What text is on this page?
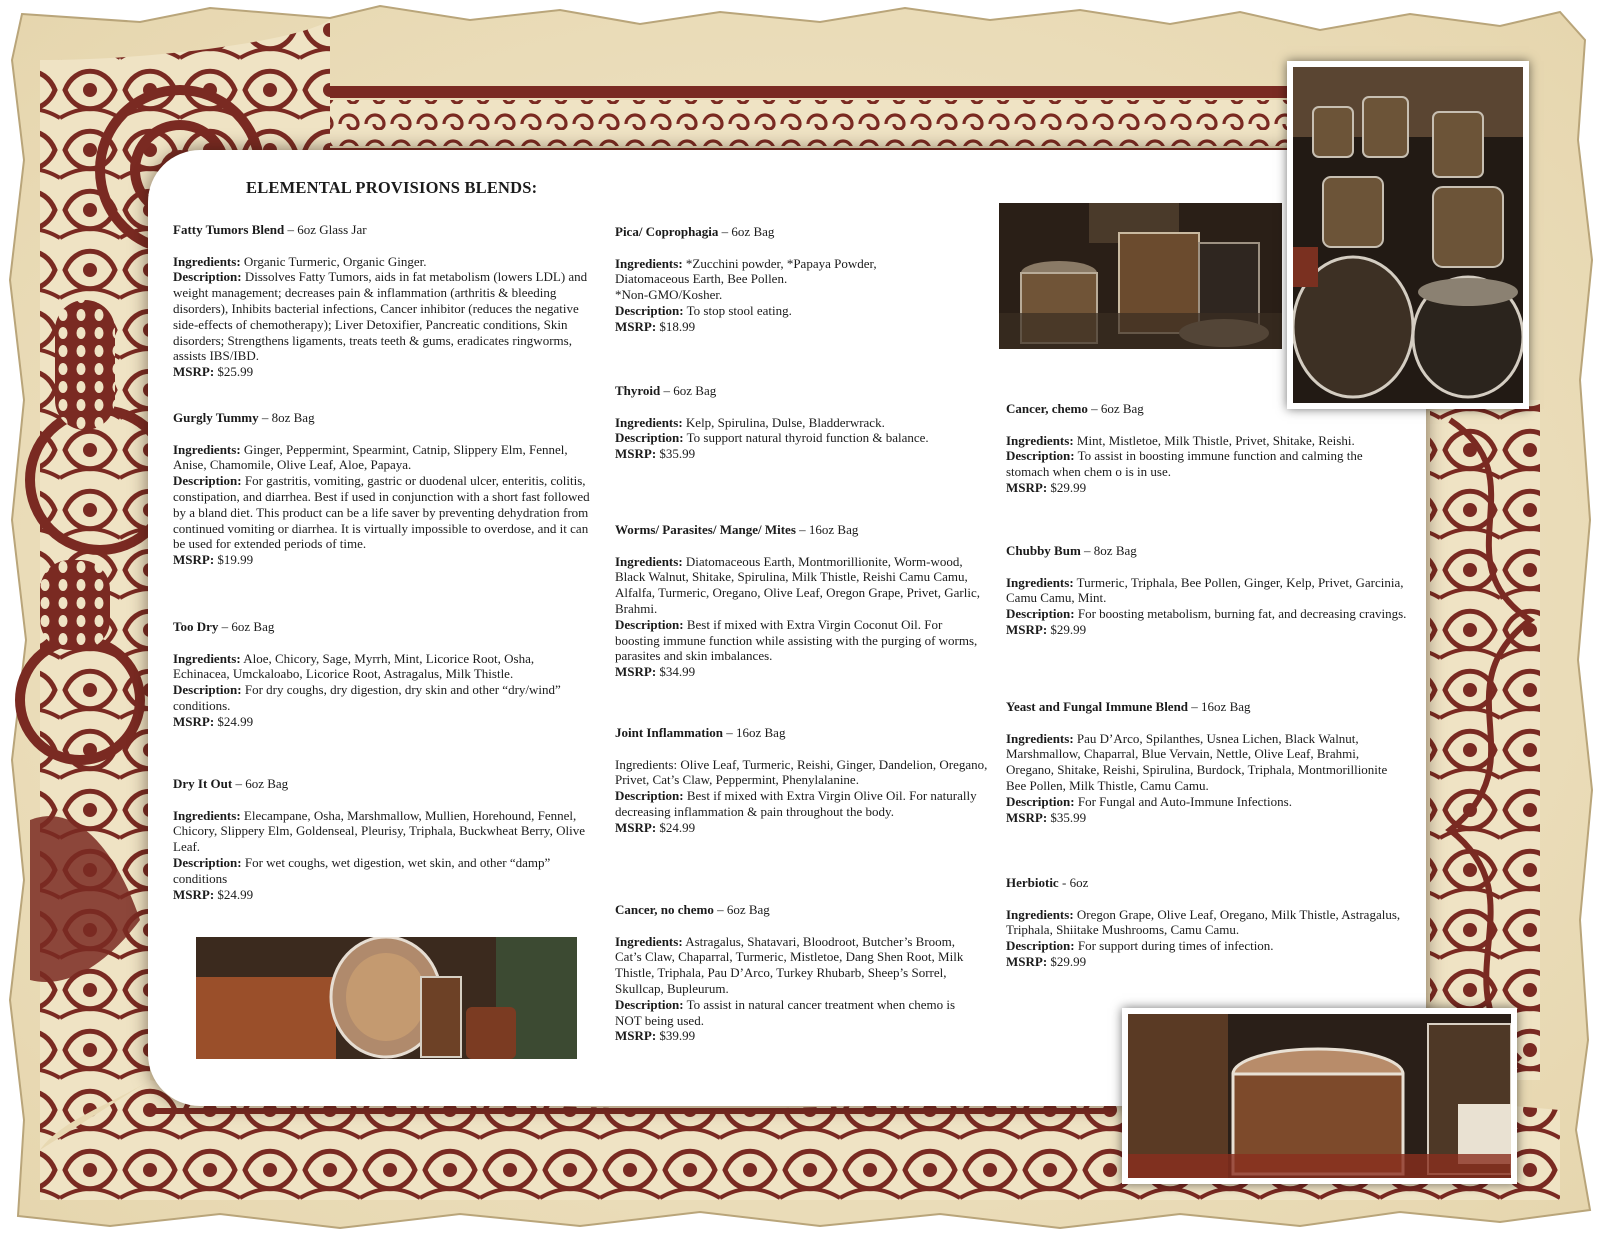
ELEMENTAL PROVISIONS BLENDS:
Fatty Tumors Blend – 6oz Glass Jar

Ingredients: Organic Turmeric, Organic Ginger.

Description: Dissolves Fatty Tumors, aids in fat metabolism (lowers LDL) and weight management; decreases pain & inflammation (arthritis & bleeding disorders), Inhibits bacterial infections, Cancer inhibitor (reduces the negative side-effects of chemotherapy); Liver Detoxifier, Pancreatic conditions, Skin disorders; Strengthens ligaments, treats teeth & gums, eradicates ringworms, assists IBS/IBD.

MSRP: $25.99

Gurgly Tummy – 8oz Bag

Ingredients: Ginger, Peppermint, Spearmint, Catnip, Slippery Elm, Fennel, Anise, Chamomile, Olive Leaf, Aloe, Papaya.

Description: For gastritis, vomiting, gastric or duodenal ulcer, enteritis, colitis, constipation, and diarrhea. Best if used in conjunction with a short fast followed by a bland diet. This product can be a life saver by preventing dehydration from continued vomiting or diarrhea. It is virtually impossible to overdose, and it can be used for extended periods of time.

MSRP: $19.99

Too Dry – 6oz Bag

Ingredients: Aloe, Chicory, Sage, Myrrh, Mint, Licorice Root, Osha, Echinacea, Umckaloabo, Licorice Root, Astragalus, Milk Thistle.

Description: For dry coughs, dry digestion, dry skin and other “dry/wind” conditions.

MSRP: $24.99

Dry It Out – 6oz Bag

Ingredients: Elecampane, Osha, Marshmallow, Mullien, Horehound, Fennel, Chicory, Slippery Elm, Goldenseal, Pleurisy, Triphala, Buckwheat Berry, Olive Leaf.

Description: For wet coughs, wet digestion, wet skin, and other “damp” conditions

MSRP: $24.99

Pica/ Coprophagia – 6oz Bag

Ingredients: *Zucchini powder, *Papaya Powder, Diatomaceous Earth, Bee Pollen.

*Non-GMO/Kosher.

Description: To stop stool eating.

MSRP: $18.99

Thyroid – 6oz Bag

Ingredients: Kelp, Spirulina, Dulse, Bladderwrack.

Description: To support natural thyroid function & balance.

MSRP: $35.99

Worms/ Parasites/ Mange/ Mites – 16oz Bag

Ingredients: Diatomaceous Earth, Montmorillionite, Worm-wood, Black Walnut, Shitake, Spirulina, Milk Thistle, Reishi Camu Camu, Alfalfa, Turmeric, Oregano, Olive Leaf, Oregon Grape, Privet, Garlic, Brahmi.

Description: Best if mixed with Extra Virgin Coconut Oil. For boosting immune function while assisting with the purging of worms, parasites and skin imbalances.

MSRP: $34.99

Joint Inflammation – 16oz Bag

Ingredients: Olive Leaf, Turmeric, Reishi, Ginger, Dandelion, Oregano, Privet, Cat’s Claw, Peppermint, Phenylalanine.

Description: Best if mixed with Extra Virgin Olive Oil. For naturally decreasing inflammation & pain throughout the body.

MSRP: $24.99

Cancer, no chemo – 6oz Bag

Ingredients: Astragalus, Shatavari, Bloodroot, Butcher’s Broom, Cat’s Claw, Chaparral, Turmeric, Mistletoe, Dang Shen Root, Milk Thistle, Triphala, Pau D’Arco, Turkey Rhubarb, Sheep’s Sorrel, Skullcap, Bupleurum.

Description: To assist in natural cancer treatment when chemo is NOT being used.

MSRP: $39.99

Cancer, chemo – 6oz Bag

Ingredients: Mint, Mistletoe, Milk Thistle, Privet, Shitake, Reishi.

Description: To assist in boosting immune function and calming the stomach when chem o is in use.

MSRP: $29.99

Chubby Bum – 8oz Bag

Ingredients: Turmeric, Triphala, Bee Pollen, Ginger, Kelp, Privet, Garcinia, Camu Camu, Mint.

Description: For boosting metabolism, burning fat, and decreasing cravings.

MSRP: $29.99

Yeast and Fungal Immune Blend – 16oz Bag

Ingredients: Pau D’Arco, Spilanthes, Usnea Lichen, Black Walnut, Marshmallow, Chaparral, Blue Vervain, Nettle, Olive Leaf, Brahmi, Oregano, Shitake, Reishi, Spirulina, Burdock, Triphala, Montmorillionite Bee Pollen, Milk Thistle, Camu Camu.

Description: For Fungal and Auto-Immune Infections.

MSRP: $35.99

Herbiotic - 6oz

Ingredients: Oregon Grape, Olive Leaf, Oregano, Milk Thistle, Astragalus, Triphala, Shiitake Mushrooms, Camu Camu.

Description: For support during times of infection.

MSRP: $29.99
